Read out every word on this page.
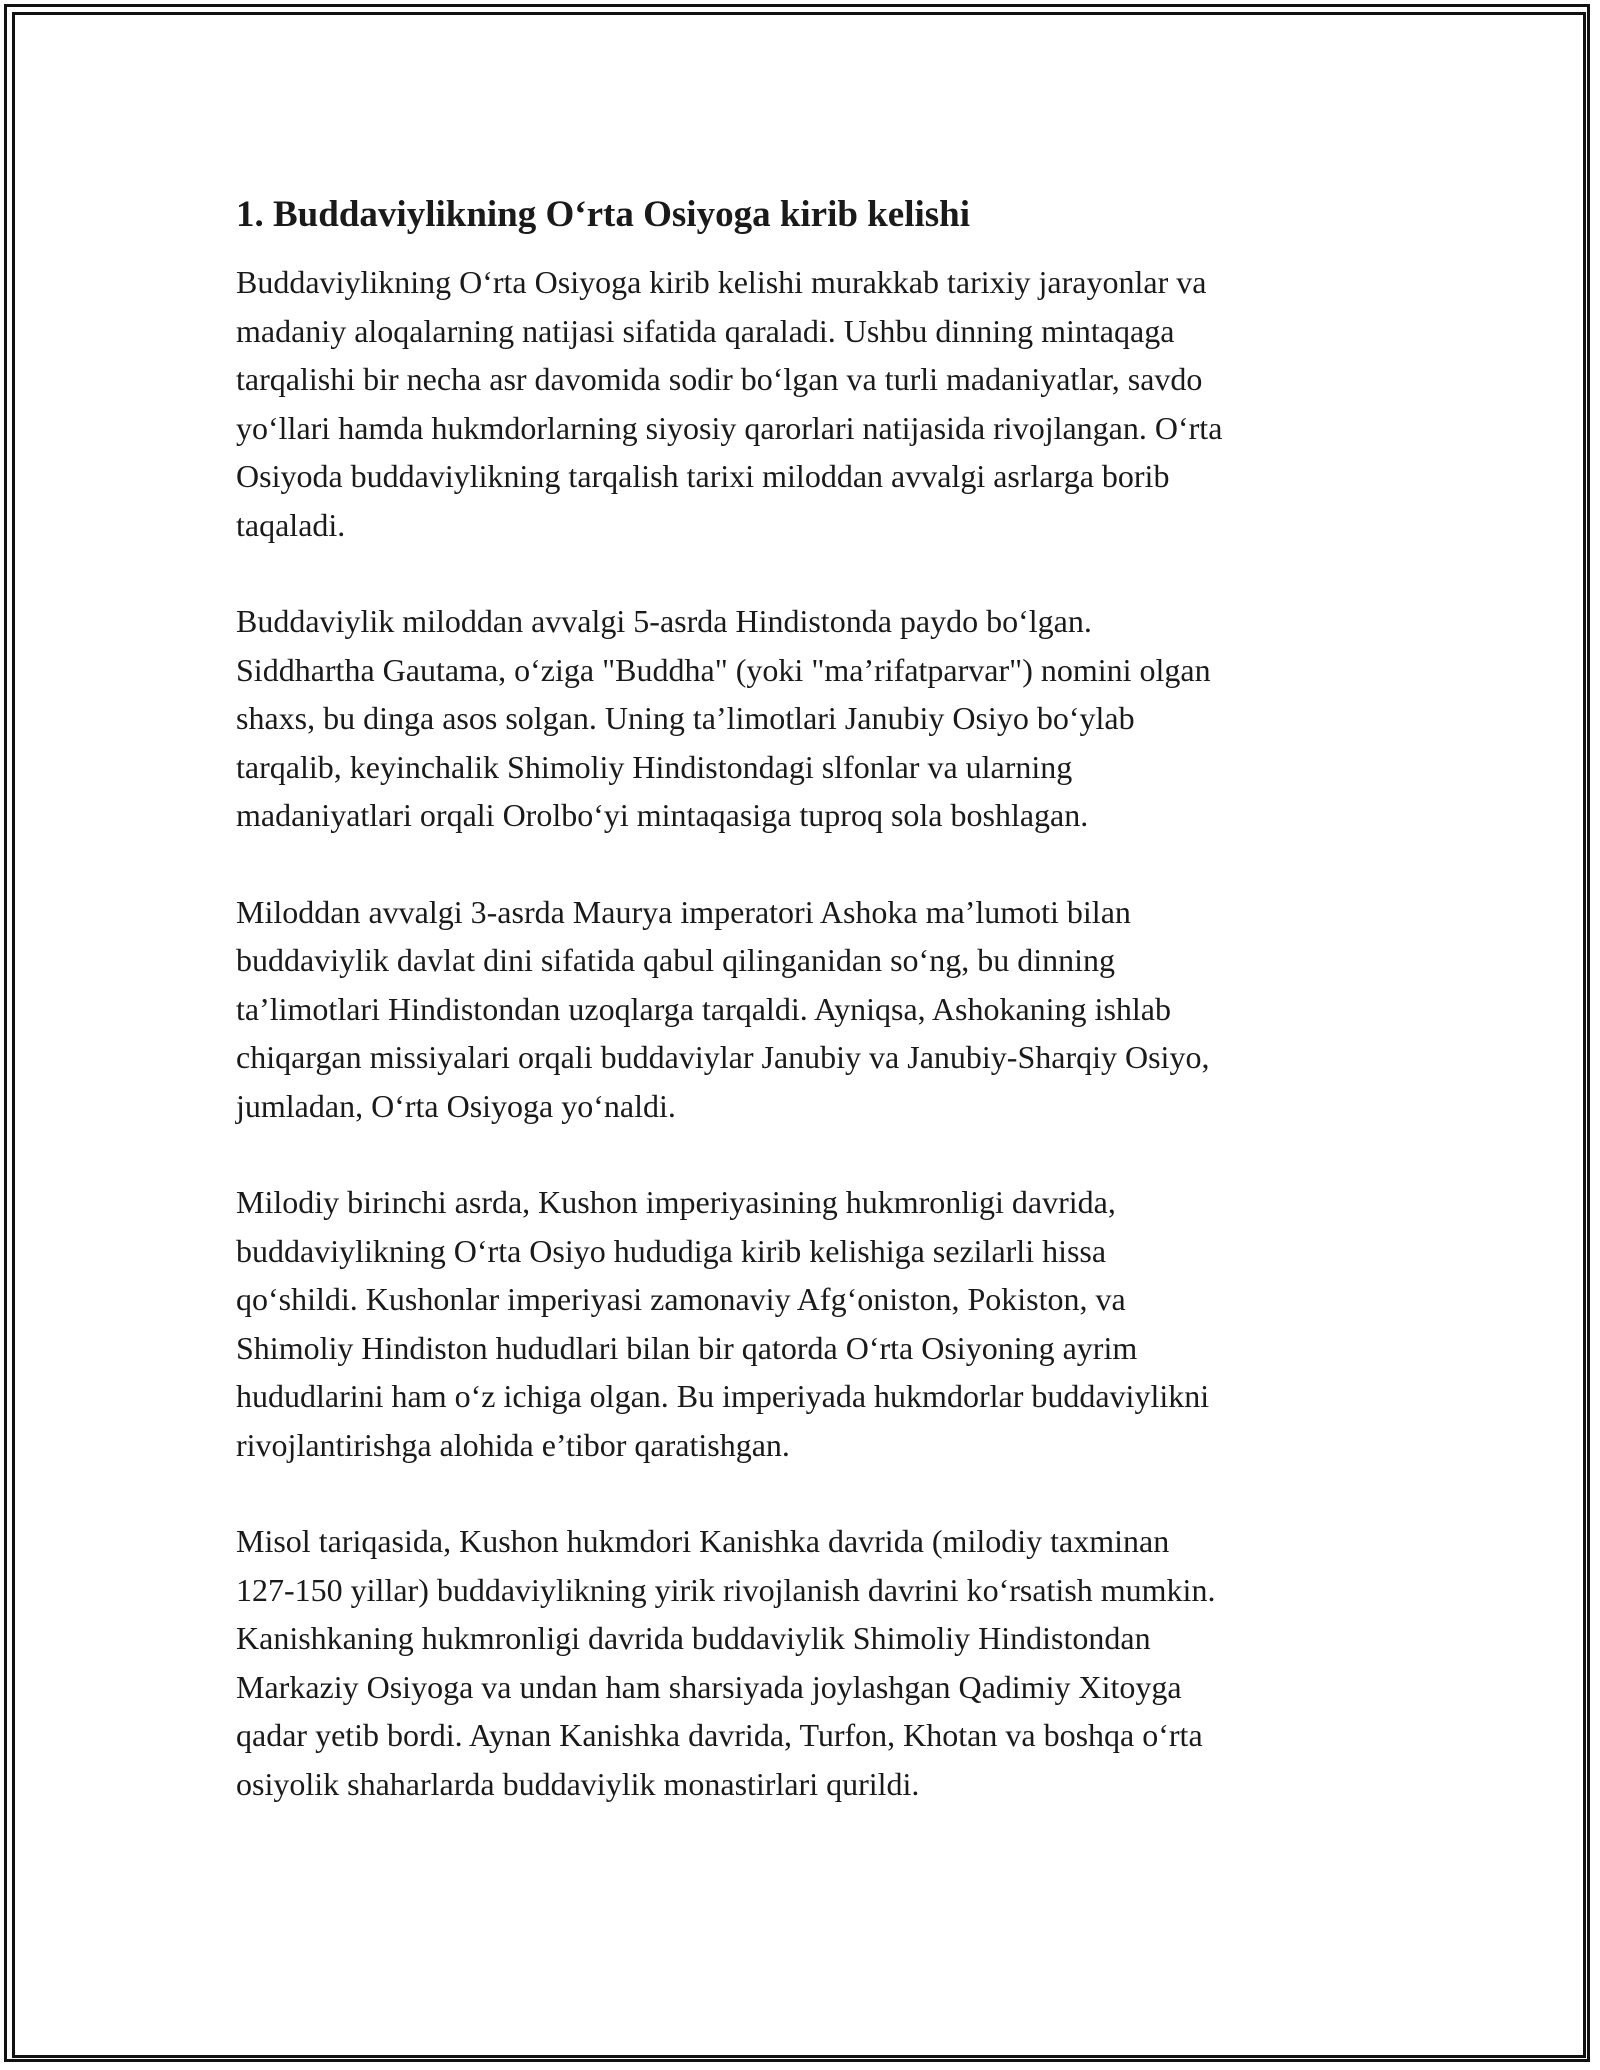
1. Buddaviylikning O‘rta Osiyoga kirib kelishi

Buddaviylikning O‘rta Osiyoga kirib kelishi murakkab tarixiy jarayonlar va
madaniy aloqalarning natijasi sifatida qaraladi. Ushbu dinning mintaqaga
tarqalishi bir necha asr davomida sodir bo‘lgan va turli madaniyatlar, savdo
yo‘llari hamda hukmdorlarning siyosiy qarorlari natijasida rivojlangan. O‘rta
Osiyoda buddaviylikning tarqalish tarixi miloddan avvalgi asrlarga borib
taqaladi.

Buddaviylik miloddan avvalgi 5-asrda Hindistonda paydo bo‘lgan.
Siddhartha Gautama, o‘ziga "Buddha" (yoki "ma’rifatparvar") nomini olgan
shaxs, bu dinga asos solgan. Uning ta’limotlari Janubiy Osiyo bo‘ylab
tarqalib, keyinchalik Shimoliy Hindistondagi slfonlar va ularning
madaniyatlari orqali Orolbo‘yi mintaqasiga tuproq sola boshlagan.

Miloddan avvalgi 3-asrda Maurya imperatori Ashoka ma’lumoti bilan
buddaviylik davlat dini sifatida qabul qilinganidan so‘ng, bu dinning
ta’limotlari Hindistondan uzoqlarga tarqaldi. Ayniqsa, Ashokaning ishlab
chiqargan missiyalari orqali buddaviylar Janubiy va Janubiy-Sharqiy Osiyo,
jumladan, O‘rta Osiyoga yo‘naldi.

Milodiy birinchi asrda, Kushon imperiyasining hukmronligi davrida,
buddaviylikning O‘rta Osiyo hududiga kirib kelishiga sezilarli hissa
qo‘shildi. Kushonlar imperiyasi zamonaviy Afg‘oniston, Pokiston, va
Shimoliy Hindiston hududlari bilan bir qatorda O‘rta Osiyoning ayrim
hududlarini ham o‘z ichiga olgan. Bu imperiyada hukmdorlar buddaviylikni
rivojlantirishga alohida e’tibor qaratishgan.

Misol tariqasida, Kushon hukmdori Kanishka davrida (milodiy taxminan
127-150 yillar) buddaviylikning yirik rivojlanish davrini ko‘rsatish mumkin.
Kanishkaning hukmronligi davrida buddaviylik Shimoliy Hindistondan
Markaziy Osiyoga va undan ham sharsiyada joylashgan Qadimiy Xitoyga
qadar yetib bordi. Aynan Kanishka davrida, Turfon, Khotan va boshqa o‘rta
osiyolik shaharlarda buddaviylik monastirlari qurildi.
